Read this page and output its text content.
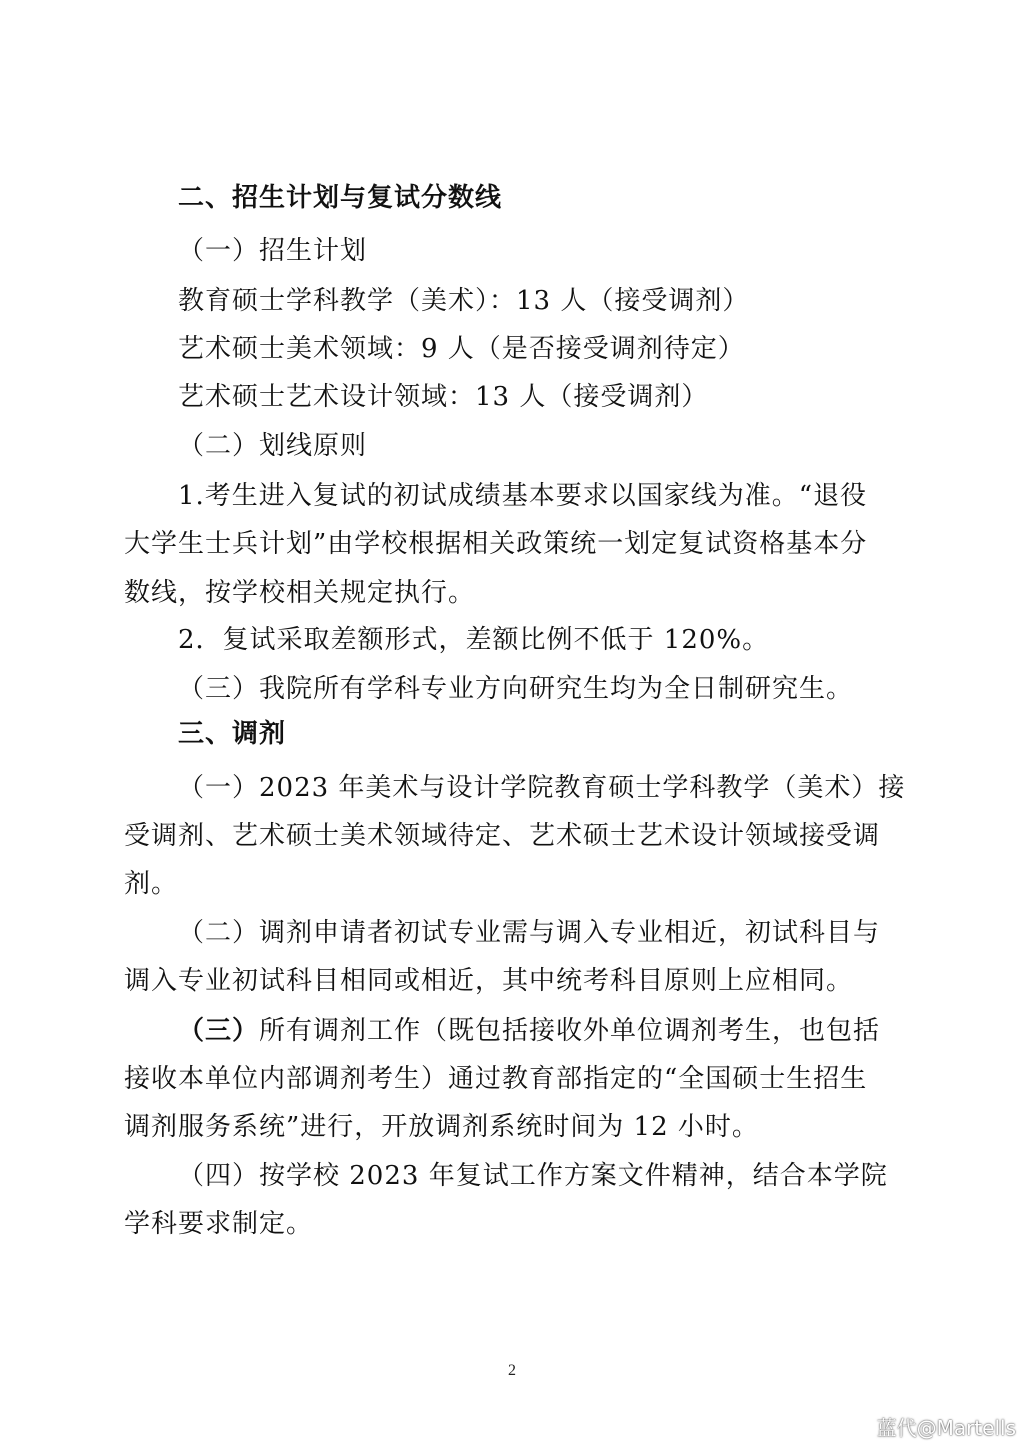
二、招生计划与复试分数线
（一）招生计划
教育硕士学科教学（美术）：13 人（接受调剂）
艺术硕士美术领域：9 人（是否接受调剂待定）
艺术硕士艺术设计领域：13 人（接受调剂）
（二）划线原则
1.考生进入复试的初试成绩基本要求以国家线为准。“退役
大学生士兵计划”由学校根据相关政策统一划定复试资格基本分
数线，按学校相关规定执行。
2．复试采取差额形式，差额比例不低于 120%。
（三）我院所有学科专业方向研究生均为全日制研究生。
三、调剂
（一）2023 年美术与设计学院教育硕士学科教学（美术）接
受调剂、艺术硕士美术领域待定、艺术硕士艺术设计领域接受调
剂。
（二）调剂申请者初试专业需与调入专业相近，初试科目与
调入专业初试科目相同或相近，其中统考科目原则上应相同。
（三）所有调剂工作（既包括接收外单位调剂考生，也包括
接收本单位内部调剂考生）通过教育部指定的“全国硕士生招生
调剂服务系统”进行，开放调剂系统时间为 12 小时。
（四）按学校 2023 年复试工作方案文件精神，结合本学院
学科要求制定。
2
蓝代@Martells
